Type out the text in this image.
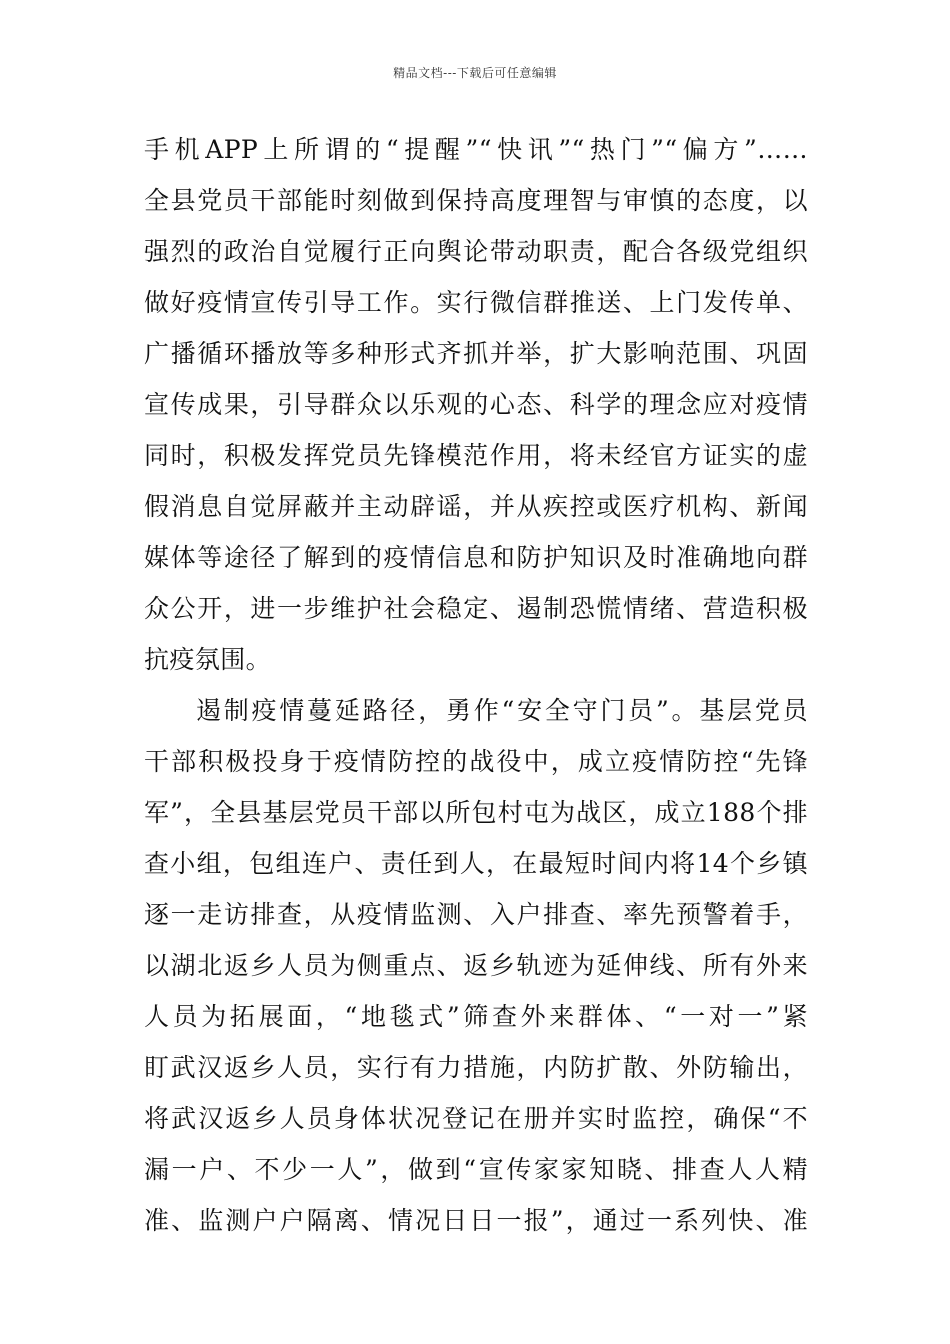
精品文档---下载后可任意编辑
手机APP上所谓的“提醒”“快讯”“热门”“偏方”……
全县党员干部能时刻做到保持高度理智与审慎的态度，以
强烈的政治自觉履行正向舆论带动职责，配合各级党组织
做好疫情宣传引导工作。实行微信群推送、上门发传单、
广播循环播放等多种形式齐抓并举，扩大影响范围、巩固
宣传成果，引导群众以乐观的心态、科学的理念应对疫情
同时，积极发挥党员先锋模范作用，将未经官方证实的虚
假消息自觉屏蔽并主动辟谣，并从疾控或医疗机构、新闻
媒体等途径了解到的疫情信息和防护知识及时准确地向群
众公开，进一步维护社会稳定、遏制恐慌情绪、营造积极
抗疫氛围。
遏制疫情蔓延路径，勇作“安全守门员”。基层党员
干部积极投身于疫情防控的战役中，成立疫情防控“先锋
军”，全县基层党员干部以所包村屯为战区，成立188个排
查小组，包组连户、责任到人，在最短时间内将14个乡镇
逐一走访排查，从疫情监测、入户排查、率先预警着手，
以湖北返乡人员为侧重点、返乡轨迹为延伸线、所有外来
人员为拓展面，“地毯式”筛查外来群体、“一对一”紧
盯武汉返乡人员，实行有力措施，内防扩散、外防输出，
将武汉返乡人员身体状况登记在册并实时监控，确保“不
漏一户、不少一人”，做到“宣传家家知晓、排查人人精
准、监测户户隔离、情况日日一报”，通过一系列快、准
